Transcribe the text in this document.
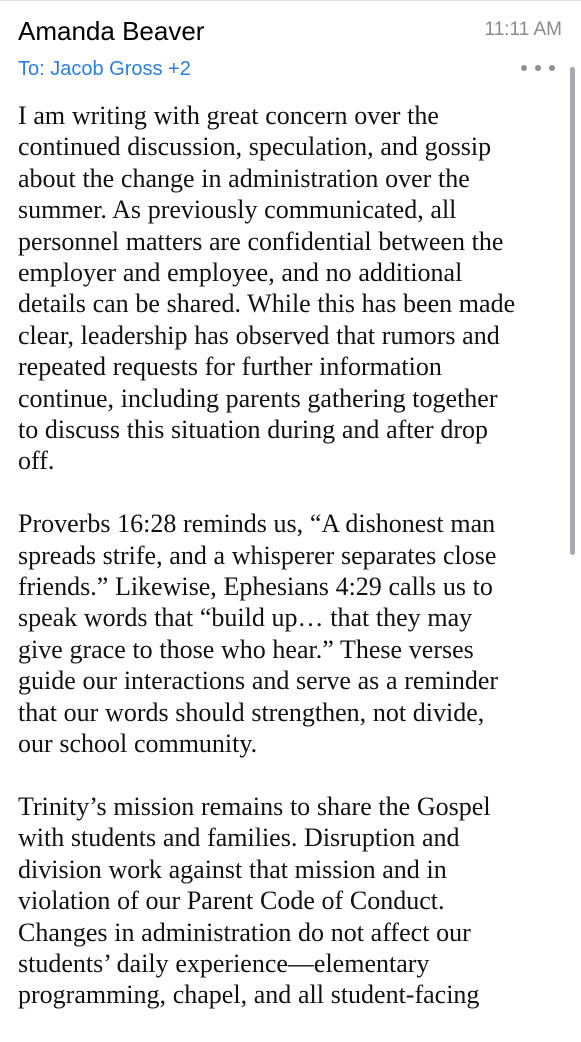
Amanda Beaver	11:11 AM
To: Jacob Gross +2

I am writing with great concern over the
continued discussion, speculation, and gossip
about the change in administration over the
summer. As previously communicated, all
personnel matters are confidential between the
employer and employee, and no additional
details can be shared. While this has been made
clear, leadership has observed that rumors and
repeated requests for further information
continue, including parents gathering together
to discuss this situation during and after drop
off.

Proverbs 16:28 reminds us, “A dishonest man
spreads strife, and a whisperer separates close
friends.” Likewise, Ephesians 4:29 calls us to
speak words that “build up… that they may
give grace to those who hear.” These verses
guide our interactions and serve as a reminder
that our words should strengthen, not divide,
our school community.

Trinity’s mission remains to share the Gospel
with students and families. Disruption and
division work against that mission and in
violation of our Parent Code of Conduct.
Changes in administration do not affect our
students’ daily experience—elementary
programming, chapel, and all student-facing
